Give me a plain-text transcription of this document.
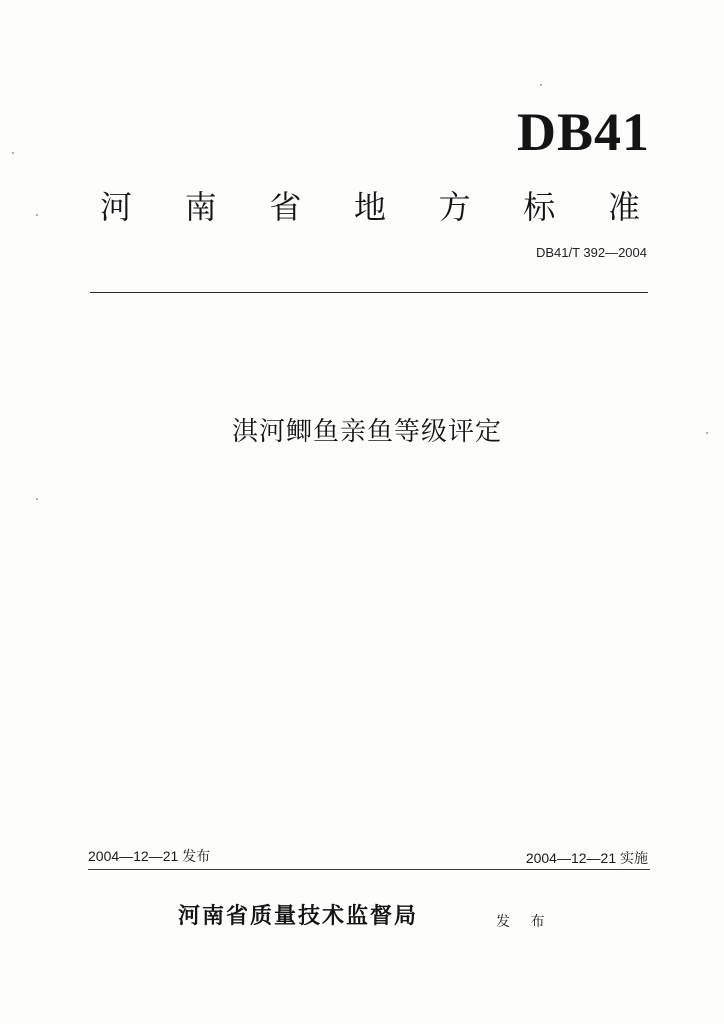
DB41
河 南 省 地 方 标 准
DB41/T 392—2004
淇河鲫鱼亲鱼等级评定
2004—12—21 发布	2004—12—21 实施
河南省质量技术监督局	发 布
